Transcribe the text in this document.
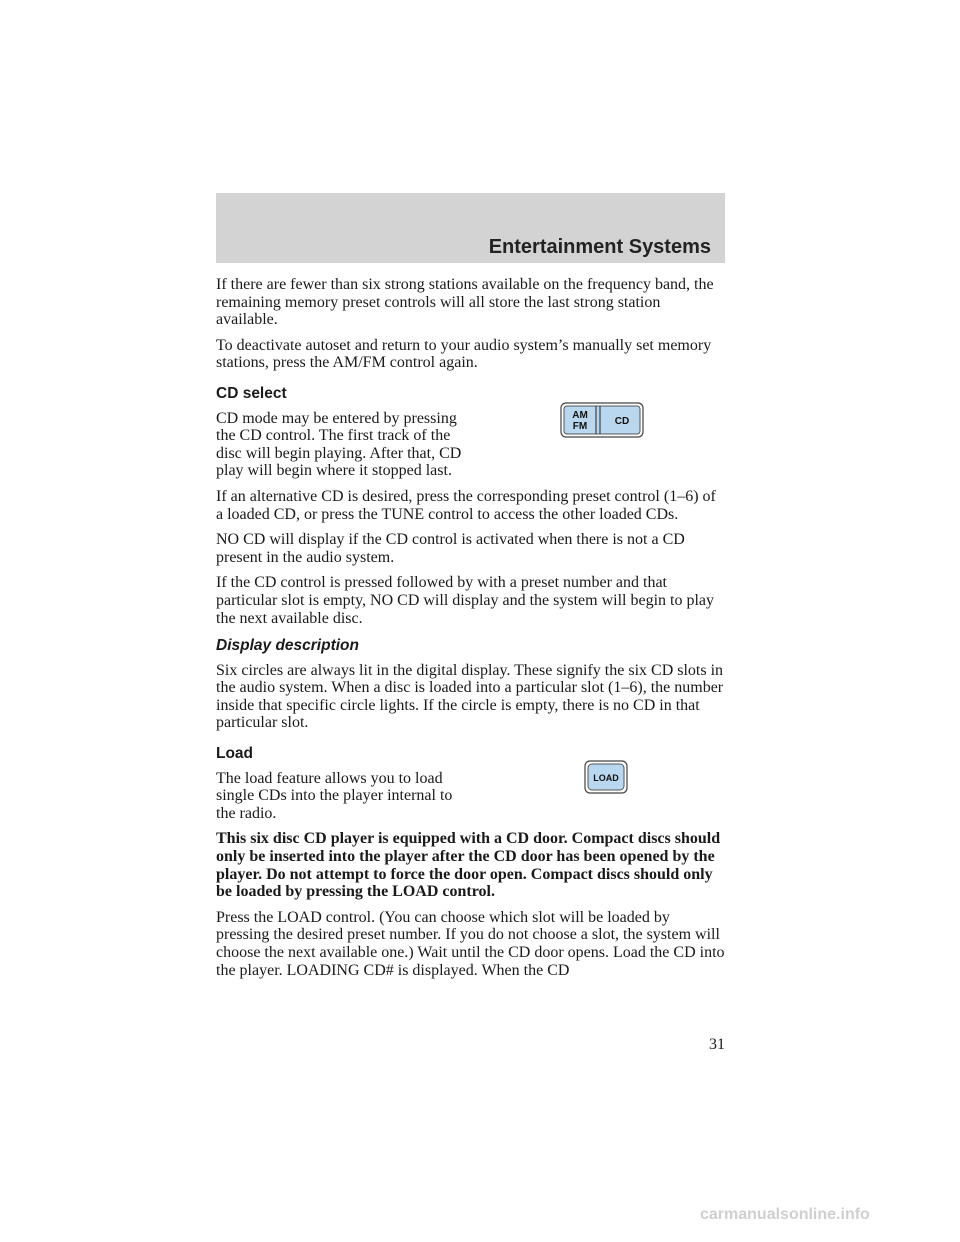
Entertainment Systems

If there are fewer than six strong stations available on the frequency band, the remaining memory preset controls will all store the last strong station available.

To deactivate autoset and return to your audio system’s manually set memory stations, press the AM/FM control again.

CD select

CD mode may be entered by pressing the CD control. The first track of the disc will begin playing. After that, CD play will begin where it stopped last.

If an alternative CD is desired, press the corresponding preset control (1–6) of a loaded CD, or press the TUNE control to access the other loaded CDs.

NO CD will display if the CD control is activated when there is not a CD present in the audio system.

If the CD control is pressed followed by with a preset number and that particular slot is empty, NO CD will display and the system will begin to play the next available disc.

Display description

Six circles are always lit in the digital display. These signify the six CD slots in the audio system. When a disc is loaded into a particular slot (1–6), the number inside that specific circle lights. If the circle is empty, there is no CD in that particular slot.

Load

The load feature allows you to load single CDs into the player internal to the radio.

This six disc CD player is equipped with a CD door. Compact discs should only be inserted into the player after the CD door has been opened by the player. Do not attempt to force the door open. Compact discs should only be loaded by pressing the LOAD control.

Press the LOAD control. (You can choose which slot will be loaded by pressing the desired preset number. If you do not choose a slot, the system will choose the next available one.) Wait until the CD door opens. Load the CD into the player. LOADING CD# is displayed. When the CD

AM
FM	CD
LOAD
31
carmanualsonline.info
